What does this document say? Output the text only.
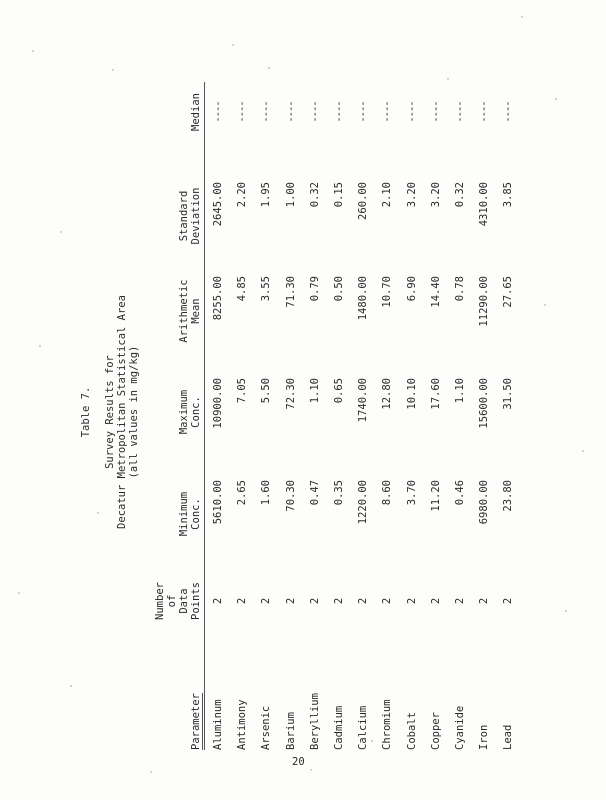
Table 7. Survey Results for Decatur Metropolitan Statistical Area (all values in mg/kg)
Parameter
Number of Data Points
Minimum Conc.
Maximum Conc.
Arithmetic Mean
Standard Deviation
Median
Aluminum
2
5610.00
10900.00
8255.00
2645.00
----
Antimony
2
2.65
7.05
4.85
2.20
----
Arsenic
2
1.60
5.50
3.55
1.95
----
Barium
2
70.30
72.30
71.30
1.00
----
Beryllium
2
0.47
1.10
0.79
0.32
----
Cadmium
2
0.35
0.65
0.50
0.15
----
Calcium
2
1220.00
1740.00
1480.00
260.00
----
Chromium
2
8.60
12.80
10.70
2.10
----
Cobalt
2
3.70
10.10
6.90
3.20
----
Copper
2
11.20
17.60
14.40
3.20
----
Cyanide
2
0.46
1.10
0.78
0.32
----
Iron
2
6980.00
15600.00
11290.00
4310.00
----
Lead
2
23.80
31.50
27.65
3.85
----
20
